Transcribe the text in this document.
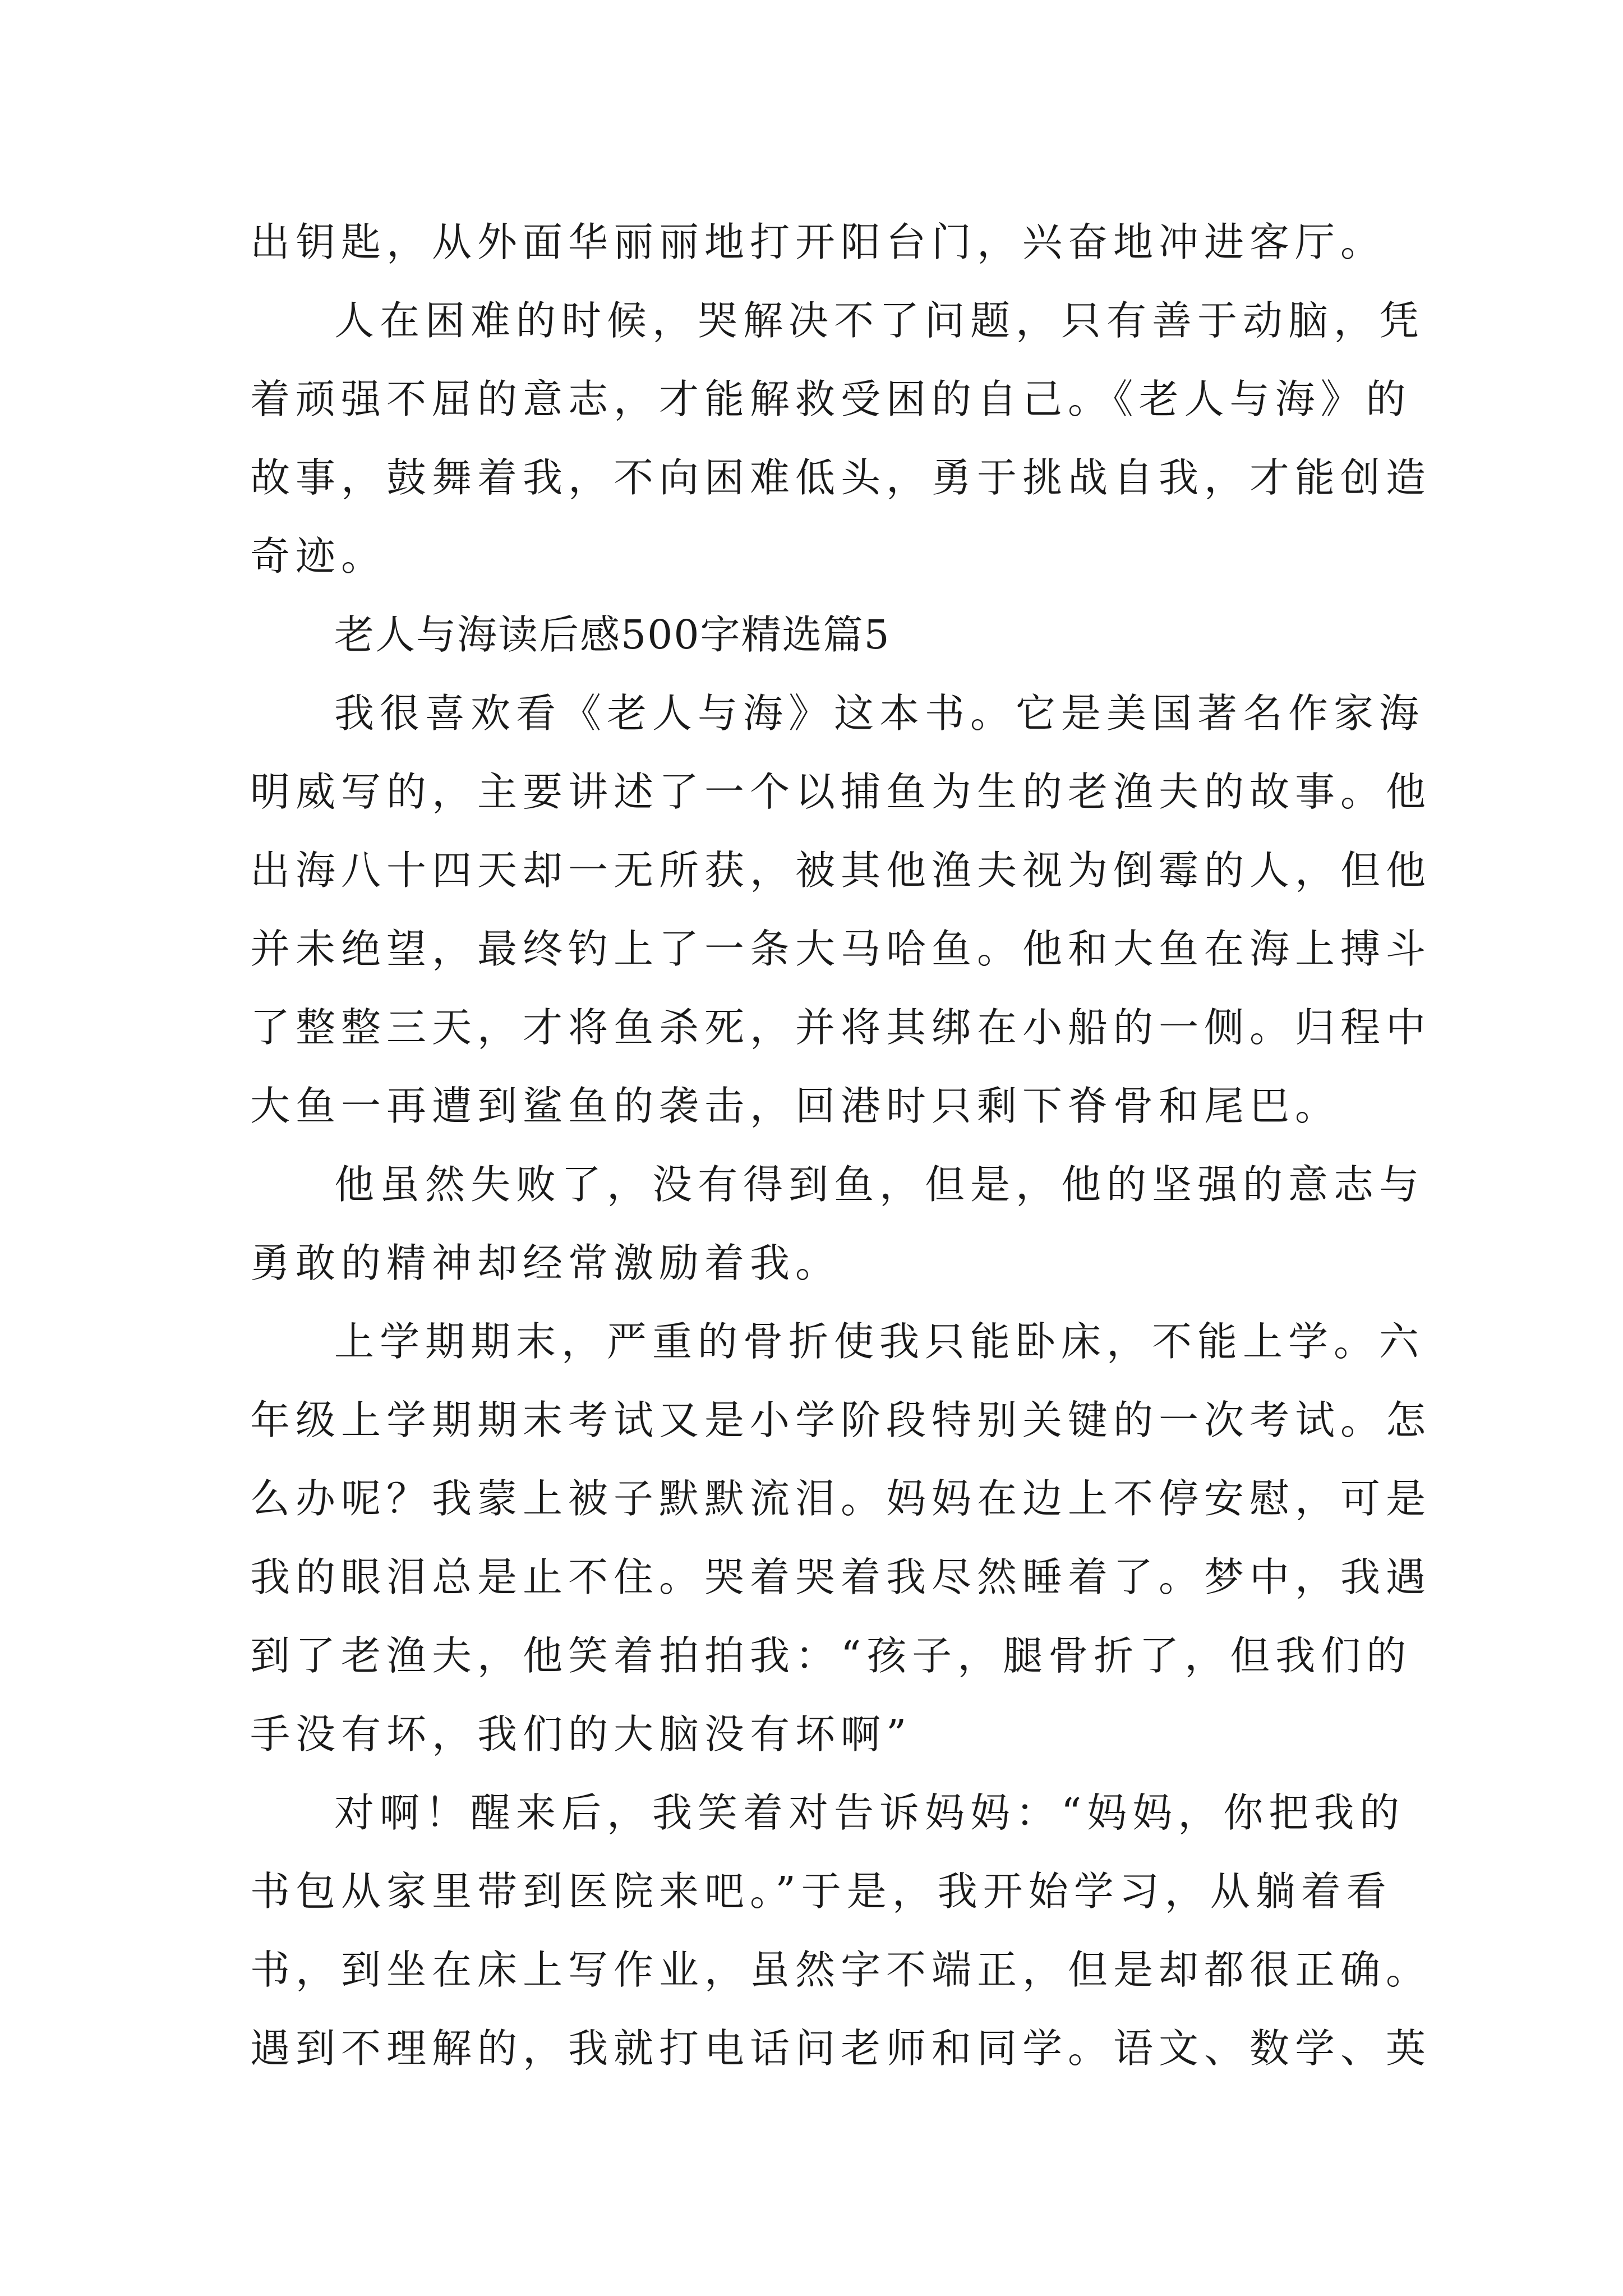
出钥匙，从外面华丽丽地打开阳台门，兴奋地冲进客厅。
人在困难的时候，哭解决不了问题，只有善于动脑，凭
着顽强不屈的意志，才能解救受困的自己。《老人与海》的
故事，鼓舞着我，不向困难低头，勇于挑战自我，才能创造
奇迹。
老人与海读后感500字精选篇5
我很喜欢看《老人与海》这本书。它是美国著名作家海
明威写的，主要讲述了一个以捕鱼为生的老渔夫的故事。他
出海八十四天却一无所获，被其他渔夫视为倒霉的人，但他
并未绝望，最终钓上了一条大马哈鱼。他和大鱼在海上搏斗
了整整三天，才将鱼杀死，并将其绑在小船的一侧。归程中
大鱼一再遭到鲨鱼的袭击，回港时只剩下脊骨和尾巴。
他虽然失败了，没有得到鱼，但是，他的坚强的意志与
勇敢的精神却经常激励着我。
上学期期末，严重的骨折使我只能卧床，不能上学。六
年级上学期期末考试又是小学阶段特别关键的一次考试。怎
么办呢？我蒙上被子默默流泪。妈妈在边上不停安慰，可是
我的眼泪总是止不住。哭着哭着我尽然睡着了。梦中，我遇
到了老渔夫，他笑着拍拍我：“孩子，腿骨折了，但我们的
手没有坏，我们的大脑没有坏啊”
对啊！醒来后，我笑着对告诉妈妈：“妈妈，你把我的
书包从家里带到医院来吧。”于是，我开始学习，从躺着看
书，到坐在床上写作业，虽然字不端正，但是却都很正确。
遇到不理解的，我就打电话问老师和同学。语文、数学、英
